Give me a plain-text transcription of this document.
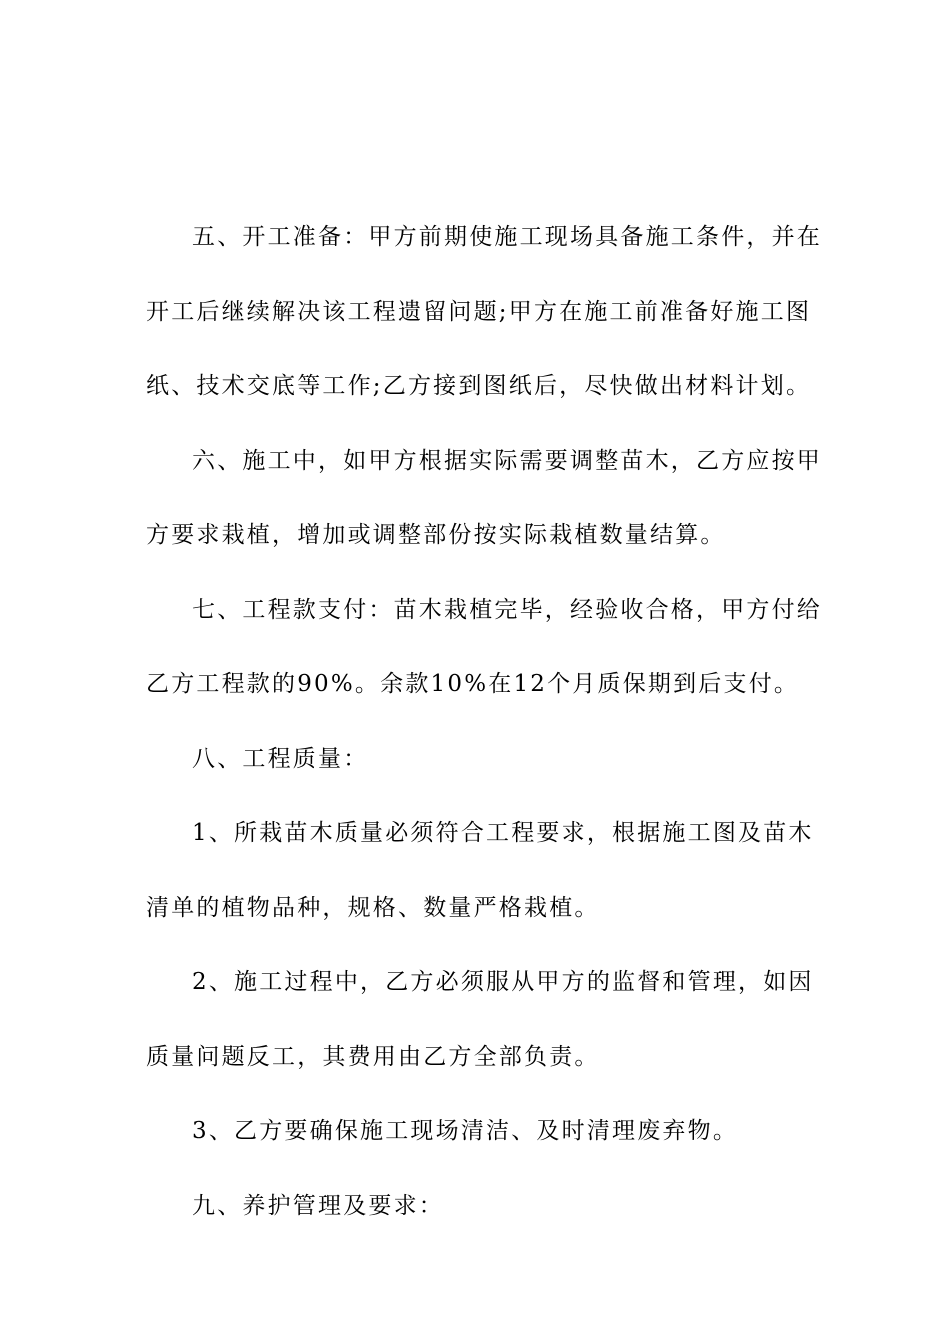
五、开工准备：甲方前期使施工现场具备施工条件，并在开工后继续解决该工程遗留问题;甲方在施工前准备好施工图纸、技术交底等工作;乙方接到图纸后，尽快做出材料计划。

六、施工中，如甲方根据实际需要调整苗木，乙方应按甲方要求栽植，增加或调整部份按实际栽植数量结算。

七、工程款支付：苗木栽植完毕，经验收合格，甲方付给乙方工程款的90%。余款10%在12个月质保期到后支付。

八、工程质量：

1、所栽苗木质量必须符合工程要求，根据施工图及苗木清单的植物品种，规格、数量严格栽植。

2、施工过程中，乙方必须服从甲方的监督和管理，如因质量问题反工，其费用由乙方全部负责。

3、乙方要确保施工现场清洁、及时清理废弃物。

九、养护管理及要求：
